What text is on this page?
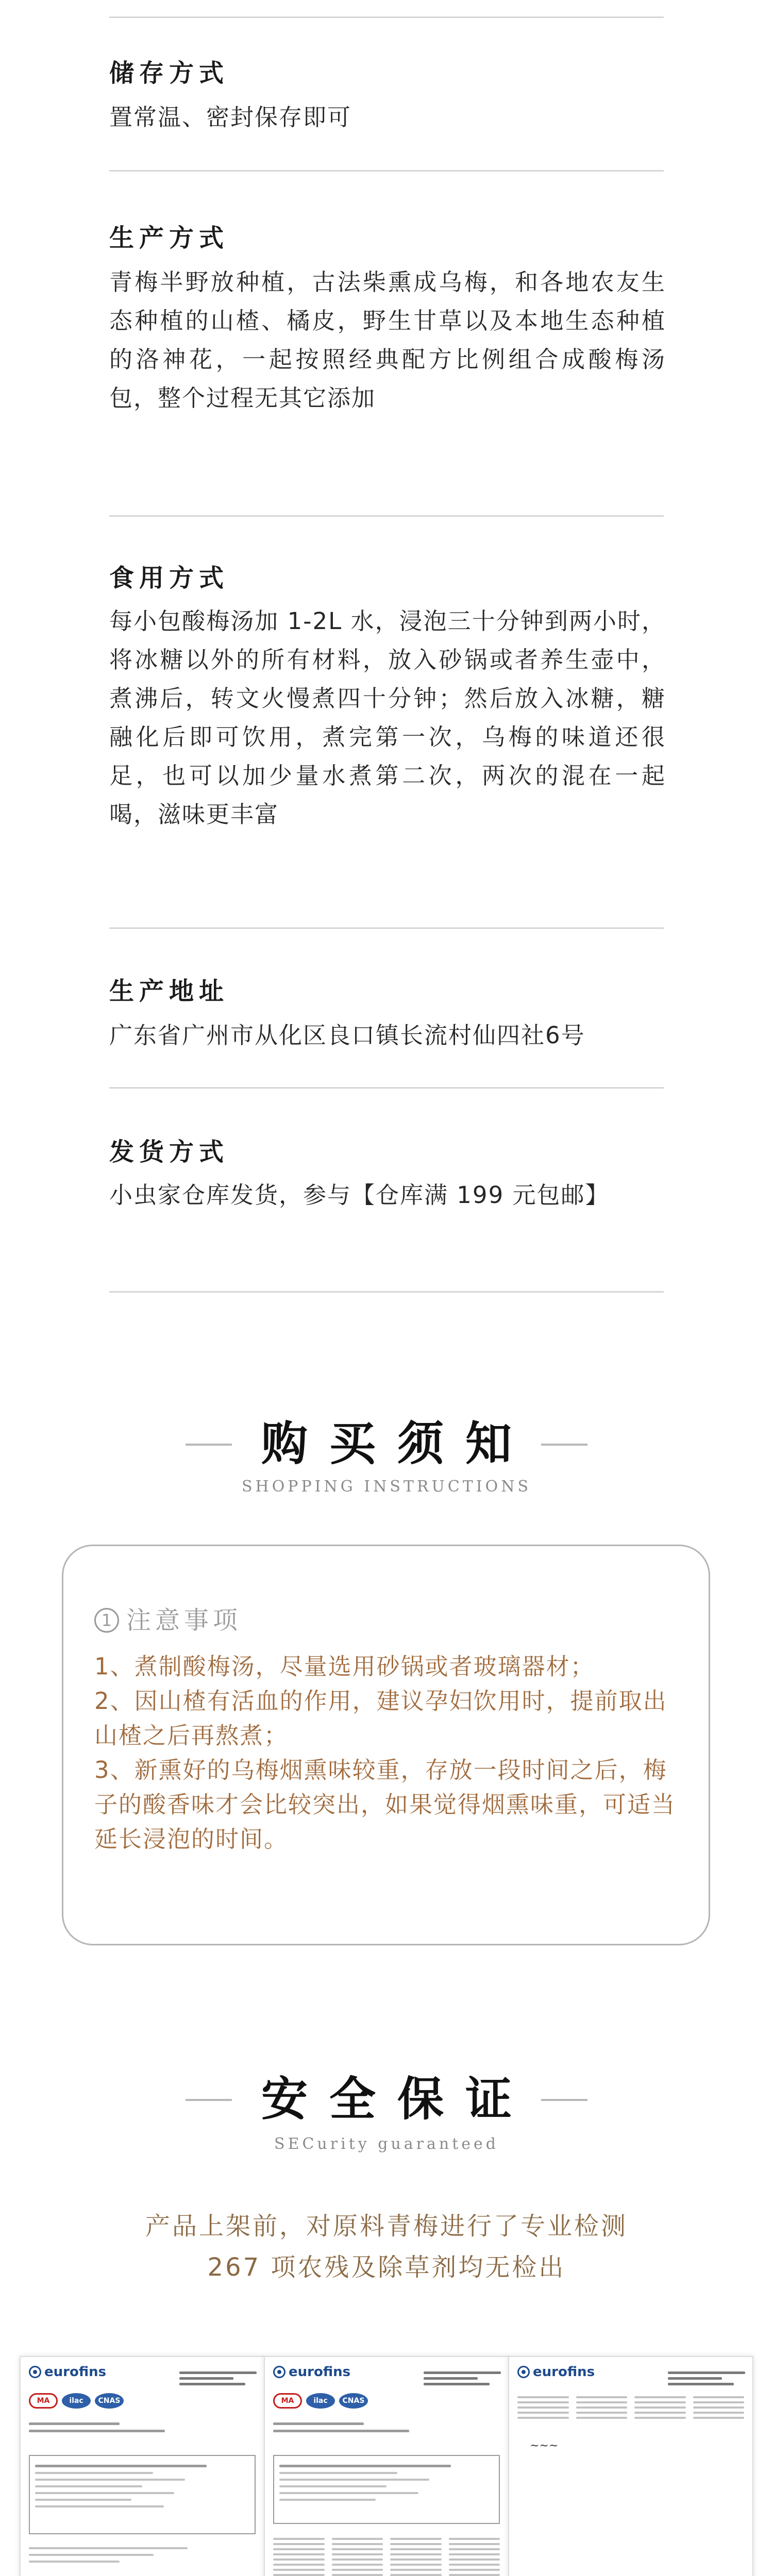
储存方式
置常温、密封保存即可
生产方式
青梅半野放种植，古法柴熏成乌梅，和各地农友生态种植的山楂、橘皮，野生甘草以及本地生态种植的洛神花，一起按照经典配方比例组合成酸梅汤包，整个过程无其它添加
食用方式
每小包酸梅汤加 1-2L 水，浸泡三十分钟到两小时，将冰糖以外的所有材料，放入砂锅或者养生壶中，煮沸后，转文火慢煮四十分钟；然后放入冰糖，糖融化后即可饮用，煮完第一次，乌梅的味道还很足，也可以加少量水煮第二次，两次的混在一起喝，滋味更丰富
生产地址
广东省广州市从化区良口镇长流村仙四社6号
发货方式
小虫家仓库发货，参与【仓库满 199 元包邮】
购买须知
SHOPPING INSTRUCTIONS
1 注意事项

1、煮制酸梅汤，尽量选用砂锅或者玻璃器材；

2、因山楂有活血的作用，建议孕妇饮用时，提前取出山楂之后再熬煮；

3、新熏好的乌梅烟熏味较重，存放一段时间之后，梅子的酸香味才会比较突出，如果觉得烟熏味重，可适当延长浸泡的时间。

安全保证
SECurity guaranteed
产品上架前，对原料青梅进行了专业检测
267 项农残及除草剂均无检出
eurofins
MA	ilac	CNAS
eurofins
MA	ilac	CNAS
eurofins
~~~
